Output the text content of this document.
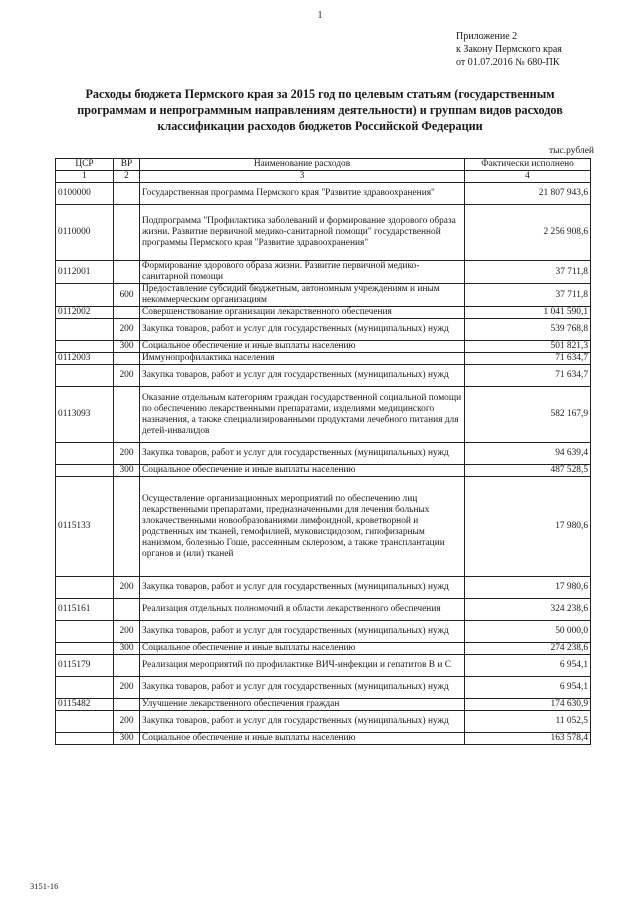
1
Приложение 2
к Закону Пермского края
от 01.07.2016 № 680-ПК
Расходы бюджета Пермского края за 2015 год по целевым статьям (государственным
программам и непрограммным направлениям деятельности) и группам видов расходов
классификации расходов бюджетов Российской Федерации
тыс.рублей
ЦСР	ВР	Наименование расходов	Фактически исполнено
1	2	3	4
0100000		Государственная программа Пермского края "Развитие здравоохранения"	21 807 943,6
0110000		Подпрограмма "Профилактика заболеваний и формирование здорового образа жизни. Развитие первичной медико-санитарной помощи" государственной программы Пермского края "Развитие здравоохранения"	2 256 908,6
0112001		Формирование здорового образа жизни. Развитие первичной медико-санитарной помощи	37 711,8
	600	Предоставление субсидий бюджетным, автономным учреждениям и иным некоммерческим организациям	37 711,8
0112002		Совершенствование организации лекарственного обеспечения	1 041 590,1
	200	Закупка товаров, работ и услуг для государственных (муниципальных) нужд	539 768,8
	300	Социальное обеспечение и иные выплаты населению	501 821,3
0112003		Иммунопрофилактика населения	71 634,7
	200	Закупка товаров, работ и услуг для государственных (муниципальных) нужд	71 634,7
0113093		Оказание отдельным категориям граждан государственной социальной помощи по обеспечению лекарственными препаратами, изделиями медицинского назначения, а также специализированными продуктами лечебного питания для детей-инвалидов	582 167,9
	200	Закупка товаров, работ и услуг для государственных (муниципальных) нужд	94 639,4
	300	Социальное обеспечение и иные выплаты населению	487 528,5
0115133		Осуществление организационных мероприятий по обеспечению лиц лекарственными препаратами, предназначенными для лечения больных злокачественными новообразованиями лимфоидной, кроветворной и родственных им тканей, гемофилией, муковисцидозом, гипофизарным нанизмом, болезнью Гоше, рассеянным склерозом, а также трансплантации органов и (или) тканей	17 980,6
	200	Закупка товаров, работ и услуг для государственных (муниципальных) нужд	17 980,6
0115161		Реализация отдельных полномочий в области лекарственного обеспечения	324 238,6
	200	Закупка товаров, работ и услуг для государственных (муниципальных) нужд	50 000,0
	300	Социальное обеспечение и иные выплаты населению	274 238,6
0115179		Реализация мероприятий по профилактике ВИЧ-инфекции и гепатитов В и С	6 954,1
	200	Закупка товаров, работ и услуг для государственных (муниципальных) нужд	6 954,1
0115482		Улучшение лекарственного обеспечения граждан	174 630,9
	200	Закупка товаров, работ и услуг для государственных (муниципальных) нужд	11 052,5
	300	Социальное обеспечение и иные выплаты населению	163 578,4
3151-16
